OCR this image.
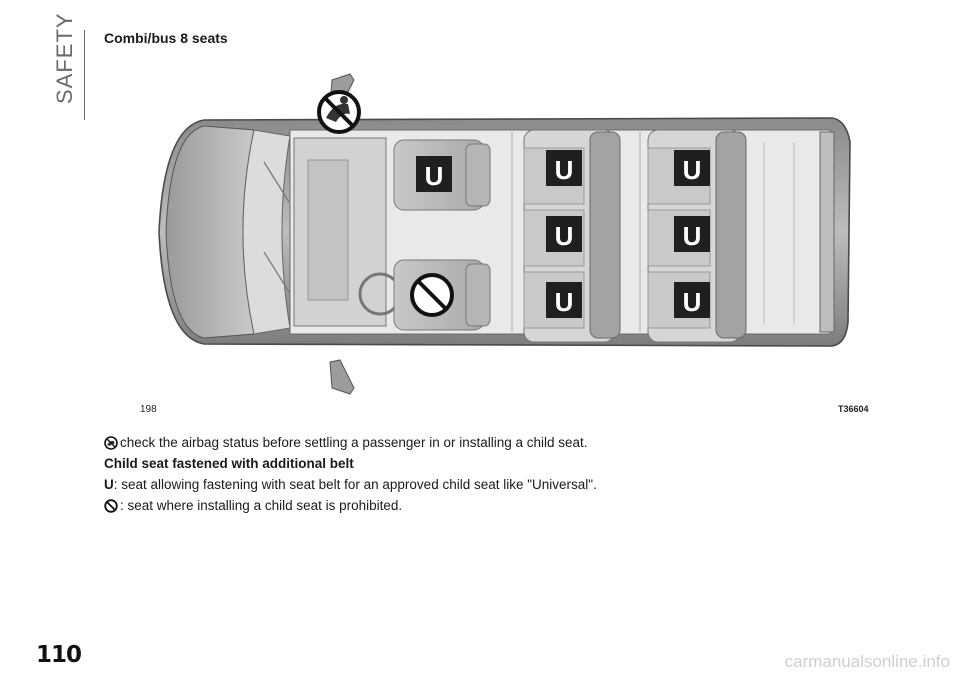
SAFETY Combi/bus 8 seats
U	U
U
U
U
U
U
198	T36604
check the airbag status before settling a passenger in or installing a child seat.
Child seat fastened with additional belt
U: seat allowing fastening with seat belt for an approved child seat like "Universal".
: seat where installing a child seat is prohibited.
110	carmanualsonline.info
